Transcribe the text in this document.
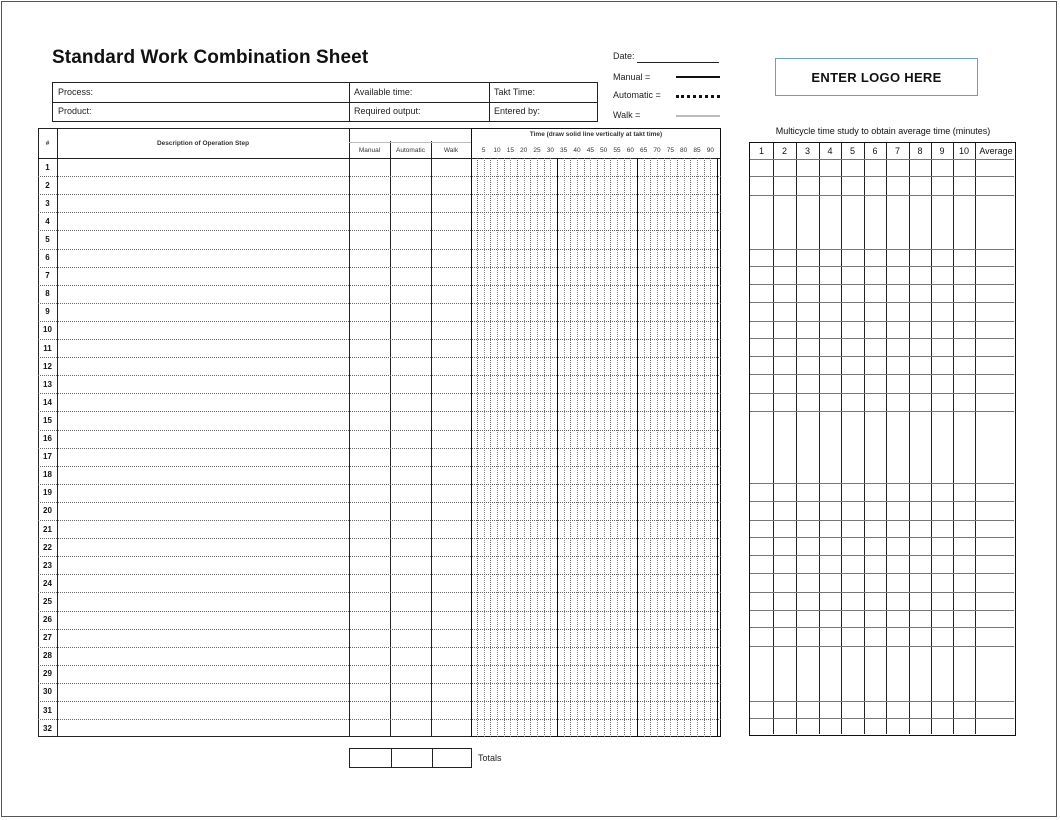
Standard Work Combination Sheet
Process:	Available time:	Takt Time:
Product:	Required output:	Entered by:
Date:
Manual =
Automatic =
Walk =
ENTER LOGO HERE
#	Description of Operation Step
Manual	Automatic	Walk
Time (draw solid line vertically at takt time)
5	10 15 20 25 30 35 40 45 50 55 60 65 70 75 80 85 90
1
2
3
4
5
6
7
8
9
10
11
12
13
14
15
16
17
18
19
20
21
22
23
24
25
26
27
28
29
30
31
32
Multicycle time study to obtain average time (minutes)
1	2	3	4	5	6	7	8	9	10	Average
Totals
